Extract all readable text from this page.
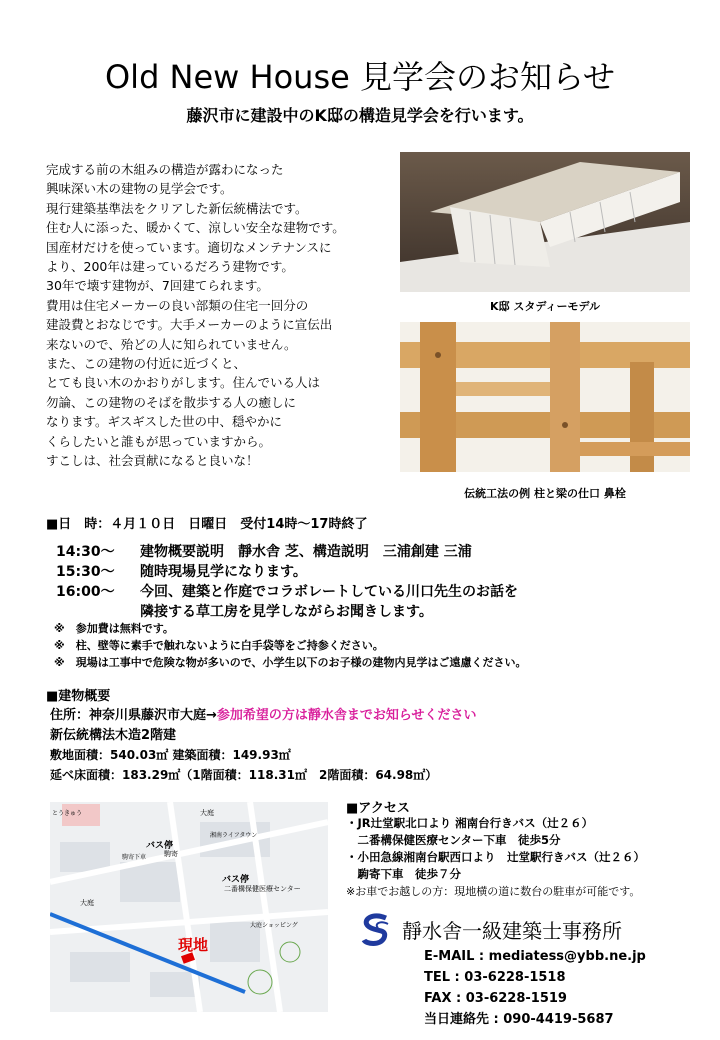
Old New House 見学会のお知らせ
藤沢市に建設中のK邸の構造見学会を行います。
完成する前の木組みの構造が露わになった
興味深い木の建物の見学会です。
現行建築基準法をクリアした新伝統構法です。
住む人に添った、暖かくて、涼しい安全な建物です。
国産材だけを使っています。適切なメンテナンスに
より、200年は建っているだろう建物です。
30年で壊す建物が、7回建てられます。
費用は住宅メーカーの良い部類の住宅一回分の
建設費とおなじです。大手メーカーのように宣伝出
来ないので、殆どの人に知られていません。
また、この建物の付近に近づくと、
とても良い木のかおりがします。住んでいる人は
勿論、この建物のそばを散歩する人の癒しに
なります。ギスギスした世の中、穏やかに
くらしたいと誰もが思っていますから。
すこしは、社会貢献になると良いな！
K邸 スタディーモデル
伝統工法の例 柱と梁の仕口 鼻栓
■日　時：４月１０日　日曜日　受付14時〜17時終了
14:30〜 建物概要説明　靜水舎 芝、構造説明　三浦創建 三浦
15:30〜 随時現場見学になります。
16:00〜 今回、建築と作庭でコラボレートしている川口先生のお話を
隣接する草工房を見学しながらお聞きします。
※　参加費は無料です。
※　柱、壁等に素手で触れないように白手袋等をご持参ください。
※　現場は工事中で危険な物が多いので、小学生以下のお子様の建物内見学はご遠慮ください。
■建物概要
住所：神奈川県藤沢市大庭→参加希望の方は靜水舎までお知らせください
新伝統構法木造2階建
敷地面積：540.03㎡ 建築面積：149.93㎡
延べ床面積：183.29㎡（1階面積：118.31㎡　2階面積：64.98㎡）
大庭
バス停
駒寄
バス停
二番構保健医療センター
大庭
とうきゅう
湘南ライフタウン
大庭ショッピング
駒寄下車
現地
■アクセス
・JR辻堂駅北口より 湘南台行きバス（辻２６）
　二番構保健医療センター下車　徒歩5分
・小田急線湘南台駅西口より　辻堂駅行きバス（辻２６）
　駒寄下車　徒歩７分
※お車でお越しの方：現地横の道に数台の駐車が可能です。
靜水舎一級建築士事務所
E-MAIL : mediatess@ybb.ne.jp
TEL : 03-6228-1518
FAX : 03-6228-1519
当日連絡先 : 090-4419-5687
